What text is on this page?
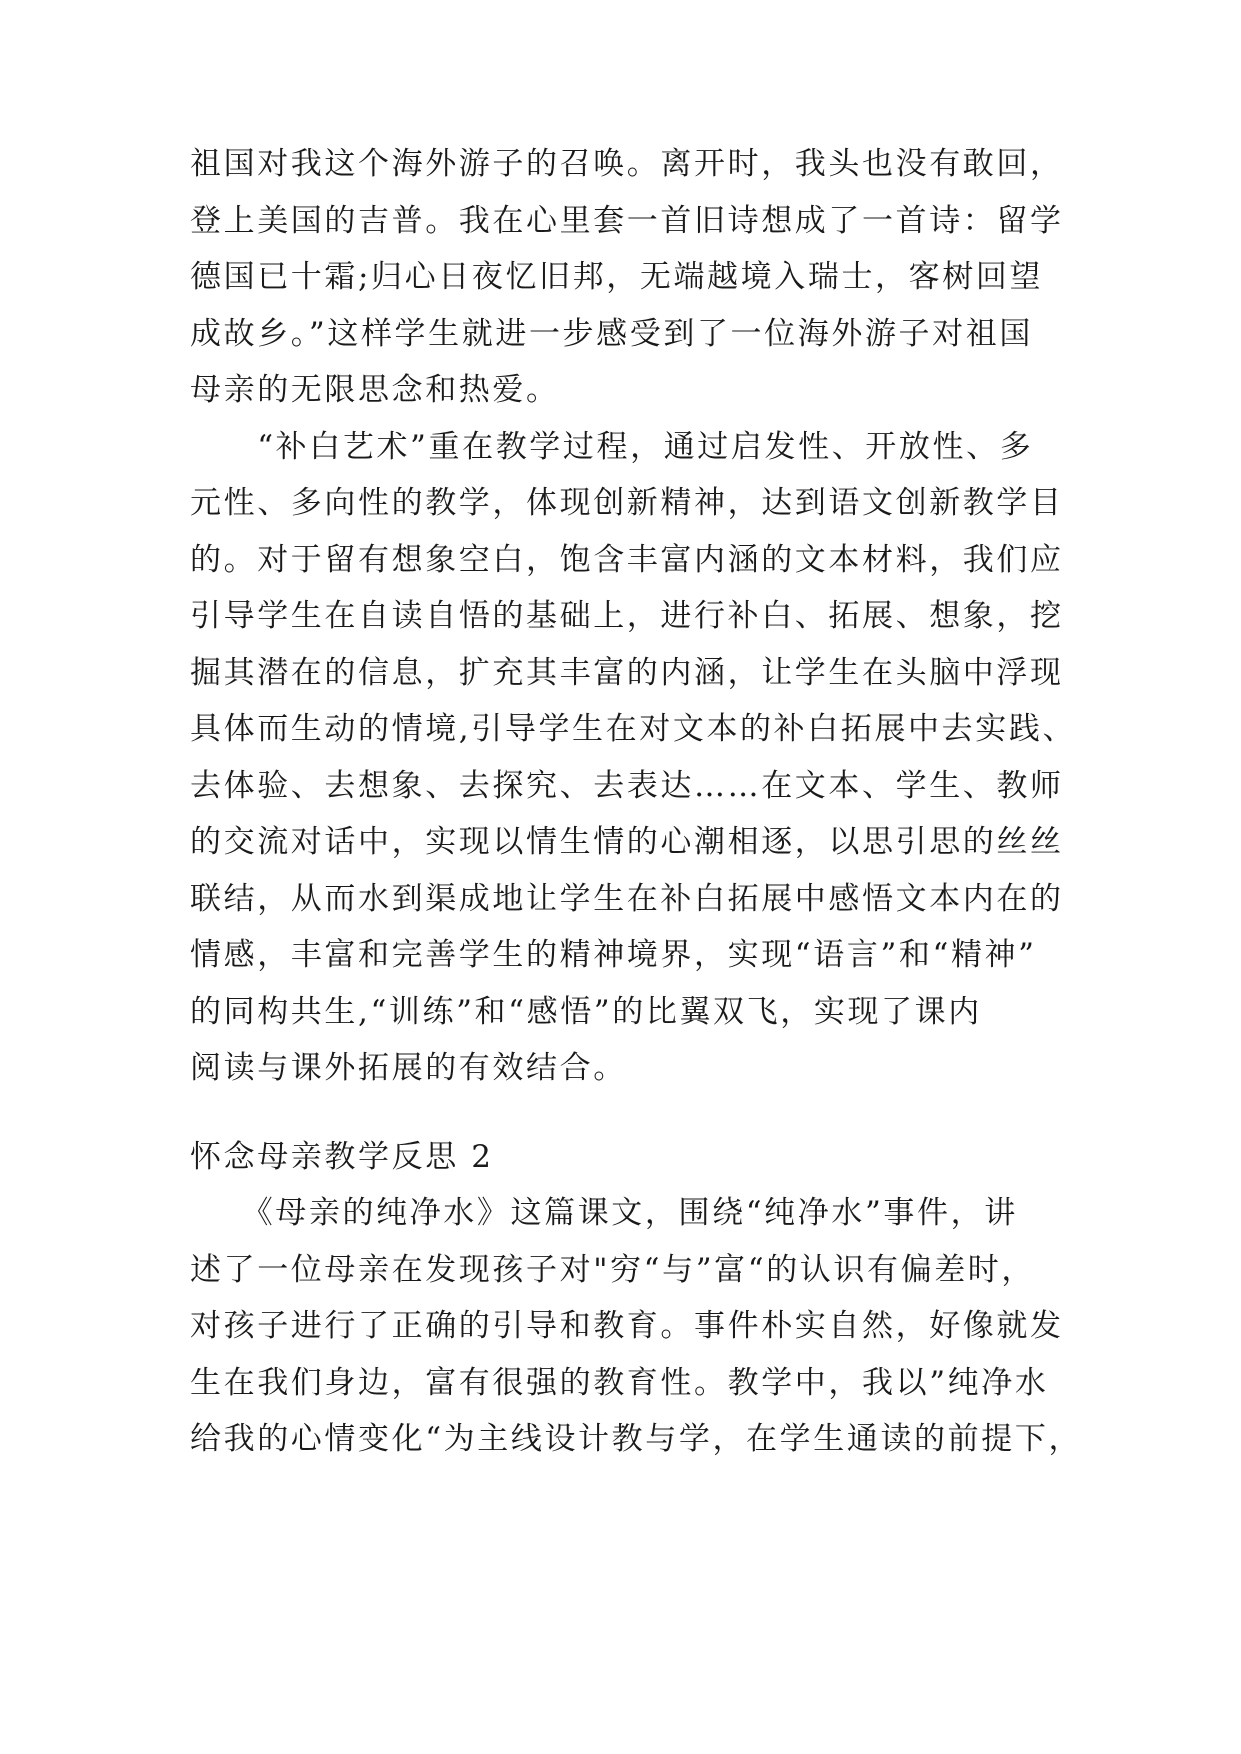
祖国对我这个海外游子的召唤。离开时，我头也没有敢回，
登上美国的吉普。我在心里套一首旧诗想成了一首诗：留学
德国已十霜;归心日夜忆旧邦，无端越境入瑞士，客树回望
成故乡。”这样学生就进一步感受到了一位海外游子对祖国
母亲的无限思念和热爱。
　　“补白艺术”重在教学过程，通过启发性、开放性、多
元性、多向性的教学，体现创新精神，达到语文创新教学目
的。对于留有想象空白，饱含丰富内涵的文本材料，我们应
引导学生在自读自悟的基础上，进行补白、拓展、想象，挖
掘其潜在的信息，扩充其丰富的内涵，让学生在头脑中浮现
具体而生动的情境,引导学生在对文本的补白拓展中去实践、
去体验、去想象、去探究、去表达……在文本、学生、教师
的交流对话中，实现以情生情的心潮相逐，以思引思的丝丝
联结，从而水到渠成地让学生在补白拓展中感悟文本内在的
情感，丰富和完善学生的精神境界，实现“语言”和“精神”
的同构共生,“训练”和“感悟”的比翼双飞，实现了课内
阅读与课外拓展的有效结合。
怀念母亲教学反思 2
　　《母亲的纯净水》这篇课文，围绕“纯净水”事件，讲
述了一位母亲在发现孩子对"穷“与”富“的认识有偏差时，
对孩子进行了正确的引导和教育。事件朴实自然，好像就发
生在我们身边，富有很强的教育性。教学中，我以”纯净水
给我的心情变化“为主线设计教与学，在学生通读的前提下，
